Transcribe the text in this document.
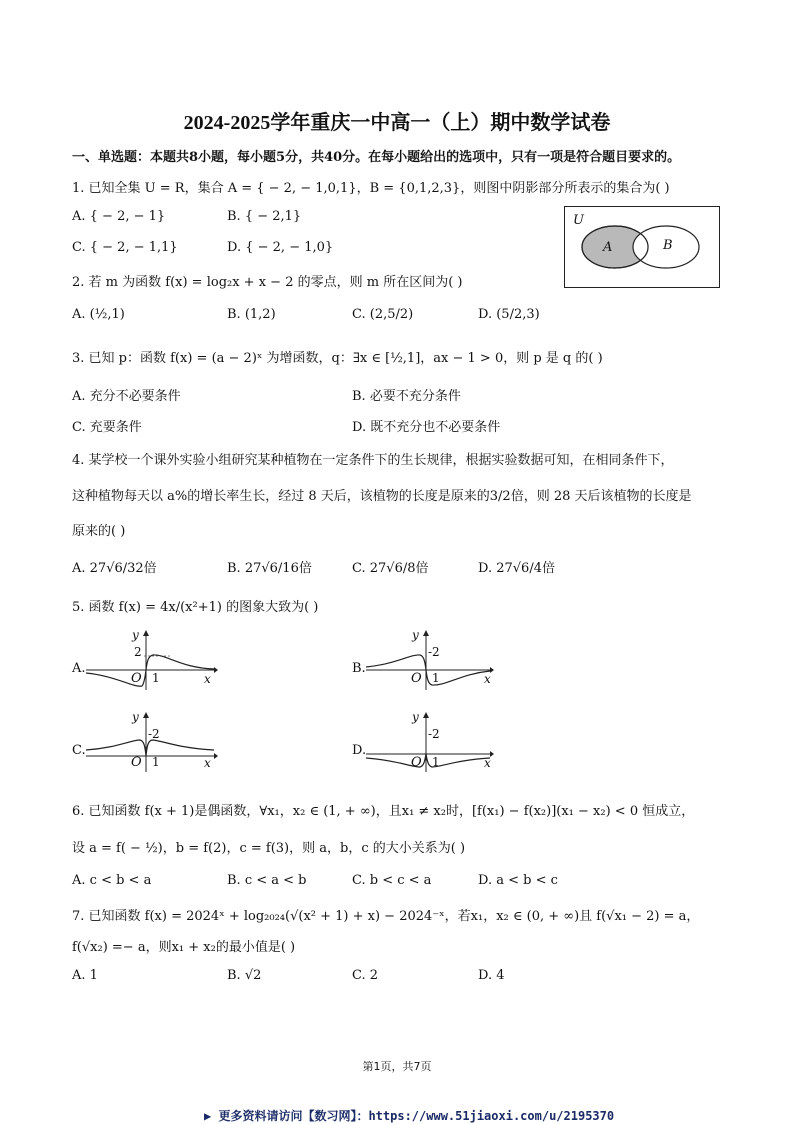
2024-2025学年重庆一中高一（上）期中数学试卷
一、单选题：本题共8小题，每小题5分，共40分。在每小题给出的选项中，只有一项是符合题目要求的。
1. 已知全集 U = R，集合 A = { − 2, − 1,0,1}，B = {0,1,2,3}，则图中阴影部分所表示的集合为( )
A. { − 2, − 1}	B. { − 2,1}
C. { − 2, − 1,1}	D. { − 2, − 1,0}
U
A	B
2. 若 m 为函数 f(x) = log₂x + x − 2 的零点，则 m 所在区间为( )
A. (½,1)	B. (1,2)	C. (2,5/2)	D. (5/2,3)
3. 已知 p：函数 f(x) = (a − 2)ˣ 为增函数，q：∃x ∈ [½,1]，ax − 1 > 0，则 p 是 q 的( )
A. 充分不必要条件	B. 必要不充分条件
C. 充要条件	D. 既不充分也不必要条件
4. 某学校一个课外实验小组研究某种植物在一定条件下的生长规律，根据实验数据可知，在相同条件下，
这种植物每天以 a%的增长率生长，经过 8 天后，该植物的长度是原来的3/2倍，则 28 天后该植物的长度是
原来的( )
A. 27√6/32倍	B. 27√6/16倍	C. 27√6/8倍	D. 27√6/4倍
5. 函数 f(x) = 4x/(x²+1) 的图象大致为( )
A.	B.
C.	D.
y
2
O 1	x
y
-2
O 1	x
y
-2
O 1	x
y
-2
O 1	x
6. 已知函数 f(x + 1)是偶函数，∀x₁，x₂ ∈ (1, + ∞)，且x₁ ≠ x₂时，[f(x₁) − f(x₂)](x₁ − x₂) < 0 恒成立，
设 a = f( − ½)，b = f(2)，c = f(3)，则 a，b，c 的大小关系为( )
A. c < b < a	B. c < a < b	C. b < c < a	D. a < b < c
7. 已知函数 f(x) = 2024ˣ + log₂₀₂₄(√(x² + 1) + x) − 2024⁻ˣ，若x₁，x₂ ∈ (0, + ∞)且 f(√x₁ − 2) = a，
f(√x₂) =− a，则x₁ + x₂的最小值是( )
A. 1	B. √2	C. 2	D. 4
第1页，共7页
▶ 更多资料请访问【数习网】：https://www.51jiaoxi.com/u/2195370
